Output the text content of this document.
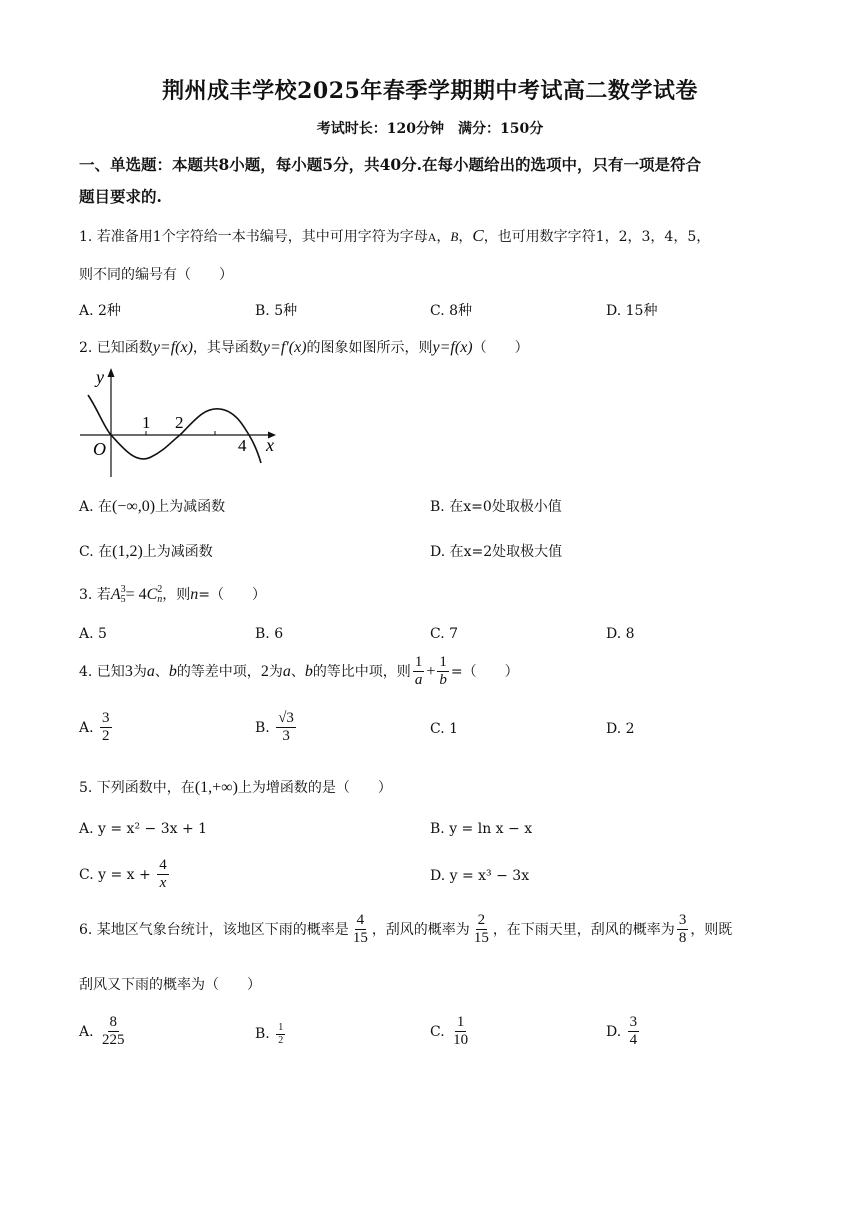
荆州成丰学校2025年春季学期期中考试高二数学试卷
考试时长：120分钟　满分：150分
一、单选题：本题共8小题，每小题5分，共40分.在每小题给出的选项中，只有一项是符合
题目要求的.
1. 若准备用1个字符给一本书编号，其中可用字符为字母A，B，C，也可用数字字符1，2，3，4，5，
则不同的编号有（　　）
A. 2种	B. 5种	C. 8种	D. 15种
2. 已知函数y=f(x)，其导函数y=f′(x)的图象如图所示，则y=f(x)（　　）
y
x
O
1 2
4
A. 在(−∞,0)上为减函数	B. 在x=0处取极小值
C. 在(1,2)上为减函数	D. 在x=2处取极大值
3. 若A 3
5 = 4C 2
n ，则n=（　　）
A. 5	B. 6	C. 7	D. 8
4. 已知3为a、b的等差中项，2为a、b的等比中项，则 $\frac{1}{a} + \frac{1}{b}$ =（　　）
A. $\frac{3}{2}$	B. $\frac{√3}{3}$	C. 1	D. 2
5. 下列函数中，在(1,+∞)上为增函数的是（　　）
A. y = x² − 3x + 1	B. y = ln x − x
C. $y = x + \frac{4}{x}$	D. y = x³ − 3x
6. 某地区气象台统计，该地区下雨的概率是 $\frac{4}{15}$ ，刮风的概率为 $\frac{2}{15}$ ，在下雨天里，刮风的概率为 $\frac{3}{8}$ ，则既
刮风又下雨的概率为（　　）
A. $\frac{8}{225}$	B. $\frac{1}{2}$	C. $\frac{1}{10}$	D. $\frac{3}{4}$
